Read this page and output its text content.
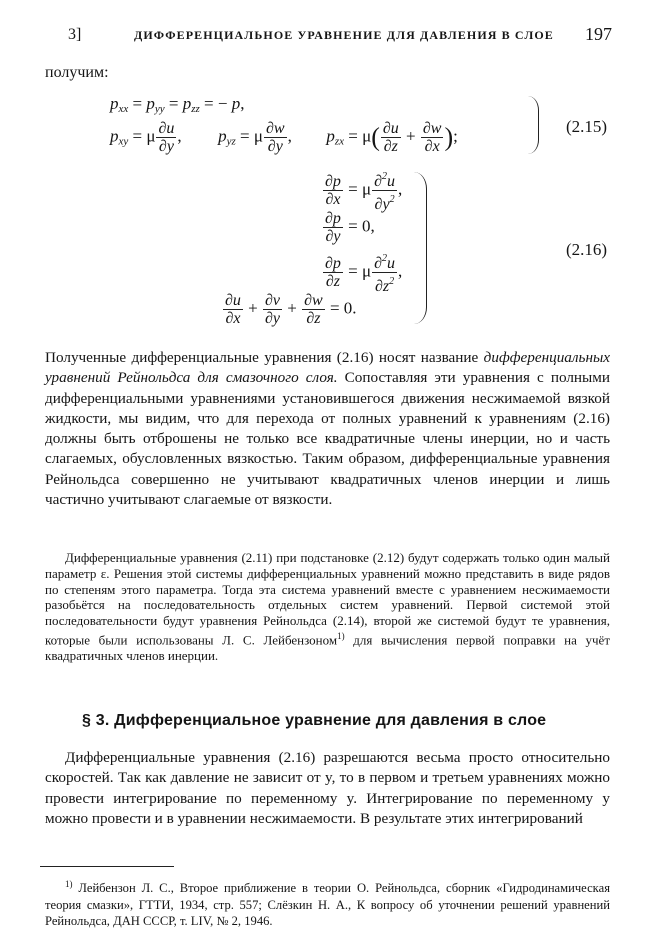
3]	ДИФФЕРЕНЦИАЛЬНОЕ УРАВНЕНИЕ ДЛЯ ДАВЛЕНИЯ В СЛОЕ 197
получим:
$p_{xx} = p_{yy} = p_{zz}$ = − p,
$p_{xy} = \mu \frac{\partial u}{\partial y}$ ,  $p_{yz} = \mu \frac{\partial w}{\partial y}$ ,  $p_{zx} = \mu( \frac{\partial u}{\partial z} + \frac{\partial w}{\partial x}$ );	(2.15)
$\frac{\partial p}{\partial x} = \mu \frac{\partial^2u}{\partial y^2}$ ,
$\frac{\partial p}{\partial y} = 0$,
$\frac{\partial p}{\partial z} = \mu \frac{\partial^2u}{\partial z^2}$ ,
$\frac{\partial u}{\partial x} + \frac{\partial v}{\partial y} + \frac{\partial w}{\partial z} = 0$.
(2.16)
Полученные дифференциальные уравнения (2.16) носят название дифференциальных уравнений Рейнольдса для смазочного слоя. Сопоставляя эти уравнения с полными дифференциальными уравнениями установившегося движения несжимаемой вязкой жидкости, мы видим, что для перехода от полных уравнений к уравнениям (2.16) должны быть отброшены не только все квадратичные члены инерции, но и часть слагаемых, обусловленных вязкостью. Таким образом, дифференциальные уравнения Рейнольдса совершенно не учитывают квадратичных членов инерции и лишь частично учитывают слагаемые от вязкости.
Дифференциальные уравнения (2.11) при подстановке (2.12) будут содержать только один малый параметр ε. Решения этой системы дифференциальных уравнений можно представить в виде рядов по степеням этого параметра. Тогда эта система уравнений вместе с уравнением несжимаемости разобьётся на последовательность отдельных систем уравнений. Первой системой этой последовательности будут уравнения Рейнольдса (2.14), второй же системой будут те уравнения, которые были использованы Л. С. Лейбензоном$^{1)}$ для вычисления первой поправки на учёт квадратичных членов инерции.
§ 3. Дифференциальное уравнение для давления в слое
Дифференциальные уравнения (2.16) разрешаются весьма просто относительно скоростей. Так как давление не зависит от y, то в первом и третьем уравнениях можно провести интегрирование по переменному y. Интегрирование по переменному y можно провести и в уравнении несжимаемости. В результате этих интегрирований
$^{1)}$ Лейбензон Л. С., Второе приближение в теории О. Рейнольдса, сборник «Гидродинамическая теория смазки», ГТТИ, 1934, стр. 557; Слёзкин Н. А., К вопросу об уточнении решений уравнений Рейнольдса, ДАН СССР, т. LIV, № 2, 1946.
